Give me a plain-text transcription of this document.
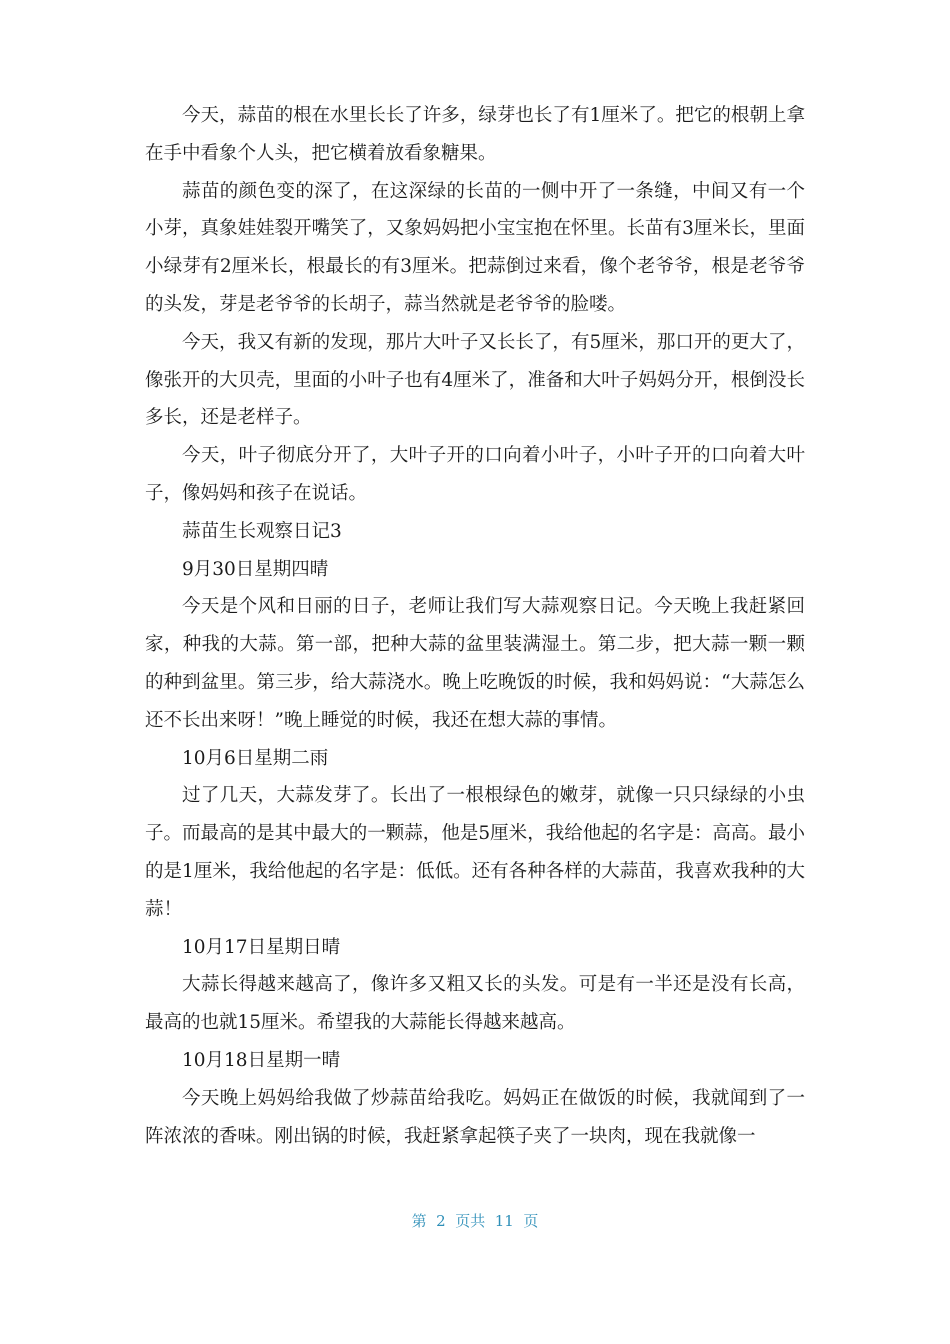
今天，蒜苗的根在水里长长了许多，绿芽也长了有1厘米了。把它的根朝上拿在手中看象个人头，把它横着放看象糖果。

蒜苗的颜色变的深了，在这深绿的长苗的一侧中开了一条缝，中间又有一个小芽，真象娃娃裂开嘴笑了，又象妈妈把小宝宝抱在怀里。长苗有3厘米长，里面小绿芽有2厘米长，根最长的有3厘米。把蒜倒过来看，像个老爷爷，根是老爷爷的头发，芽是老爷爷的长胡子，蒜当然就是老爷爷的脸喽。

今天，我又有新的发现，那片大叶子又长长了，有5厘米，那口开的更大了，像张开的大贝壳，里面的小叶子也有4厘米了，准备和大叶子妈妈分开，根倒没长多长，还是老样子。

今天，叶子彻底分开了，大叶子开的口向着小叶子，小叶子开的口向着大叶子，像妈妈和孩子在说话。

蒜苗生长观察日记3

9月30日星期四晴

今天是个风和日丽的日子，老师让我们写大蒜观察日记。今天晚上我赶紧回家，种我的大蒜。第一部，把种大蒜的盆里装满湿土。第二步，把大蒜一颗一颗的种到盆里。第三步，给大蒜浇水。晚上吃晚饭的时候，我和妈妈说：“大蒜怎么还不长出来呀！”晚上睡觉的时候，我还在想大蒜的事情。

10月6日星期二雨

过了几天，大蒜发芽了。长出了一根根绿色的嫩芽，就像一只只绿绿的小虫子。而最高的是其中最大的一颗蒜，他是5厘米，我给他起的名字是：高高。最小的是1厘米，我给他起的名字是：低低。还有各种各样的大蒜苗，我喜欢我种的大蒜！

10月17日星期日晴

大蒜长得越来越高了，像许多又粗又长的头发。可是有一半还是没有长高，最高的也就15厘米。希望我的大蒜能长得越来越高。

10月18日星期一晴

今天晚上妈妈给我做了炒蒜苗给我吃。妈妈正在做饭的时候，我就闻到了一阵浓浓的香味。刚出锅的时候，我赶紧拿起筷子夹了一块肉，现在我就像一

第  2  页共  11  页
